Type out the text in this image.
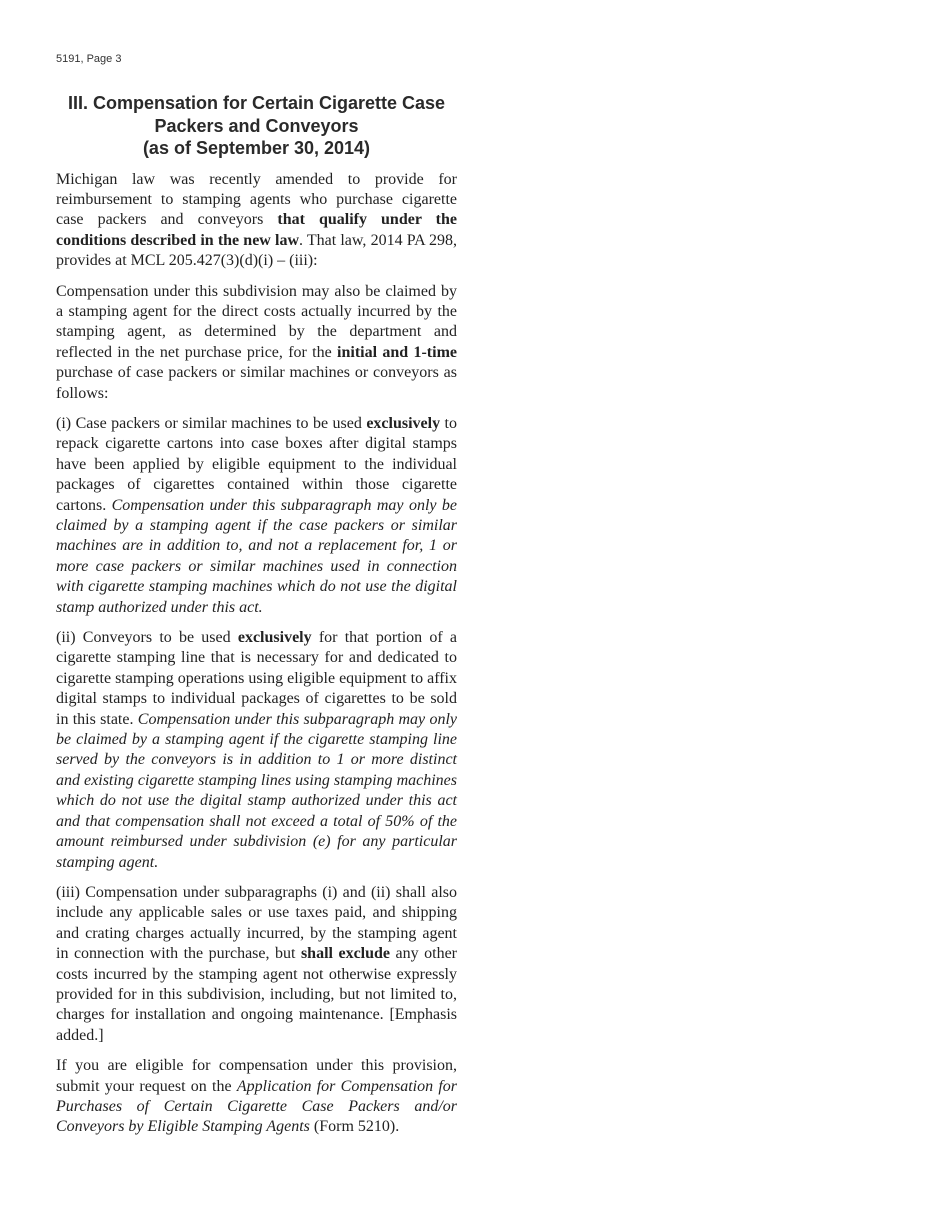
5191, Page 3
III. Compensation for Certain Cigarette Case
Packers and Conveyors
(as of September 30, 2014)

Michigan law was recently amended to provide for reimbursement to stamping agents who purchase cigarette case packers and conveyors that qualify under the conditions described in the new law. That law, 2014 PA 298, provides at MCL 205.427(3)(d)(i) – (iii):

Compensation under this subdivision may also be claimed by a stamping agent for the direct costs actually incurred by the stamping agent, as determined by the department and reflected in the net purchase price, for the initial and 1-time purchase of case packers or similar machines or conveyors as follows:

(i) Case packers or similar machines to be used exclusively to repack cigarette cartons into case boxes after digital stamps have been applied by eligible equipment to the individual packages of cigarettes contained within those cigarette cartons. Compensation under this subparagraph may only be claimed by a stamping agent if the case packers or similar machines are in addition to, and not a replacement for, 1 or more case packers or similar machines used in connection with cigarette stamping machines which do not use the digital stamp authorized under this act.

(ii) Conveyors to be used exclusively for that portion of a cigarette stamping line that is necessary for and dedicated to cigarette stamping operations using eligible equipment to affix digital stamps to individual packages of cigarettes to be sold in this state. Compensation under this subparagraph may only be claimed by a stamping agent if the cigarette stamping line served by the conveyors is in addition to 1 or more distinct and existing cigarette stamping lines using stamping machines which do not use the digital stamp authorized under this act and that compensation shall not exceed a total of 50% of the amount reimbursed under subdivision (e) for any particular stamping agent.

(iii) Compensation under subparagraphs (i) and (ii) shall also include any applicable sales or use taxes paid, and shipping and crating charges actually incurred, by the stamping agent in connection with the purchase, but shall exclude any other costs incurred by the stamping agent not otherwise expressly provided for in this subdivision, including, but not limited to, charges for installation and ongoing maintenance. [Emphasis added.]

If you are eligible for compensation under this provision, submit your request on the Application for Compensation for Purchases of Certain Cigarette Case Packers and/or Conveyors by Eligible Stamping Agents (Form 5210).
